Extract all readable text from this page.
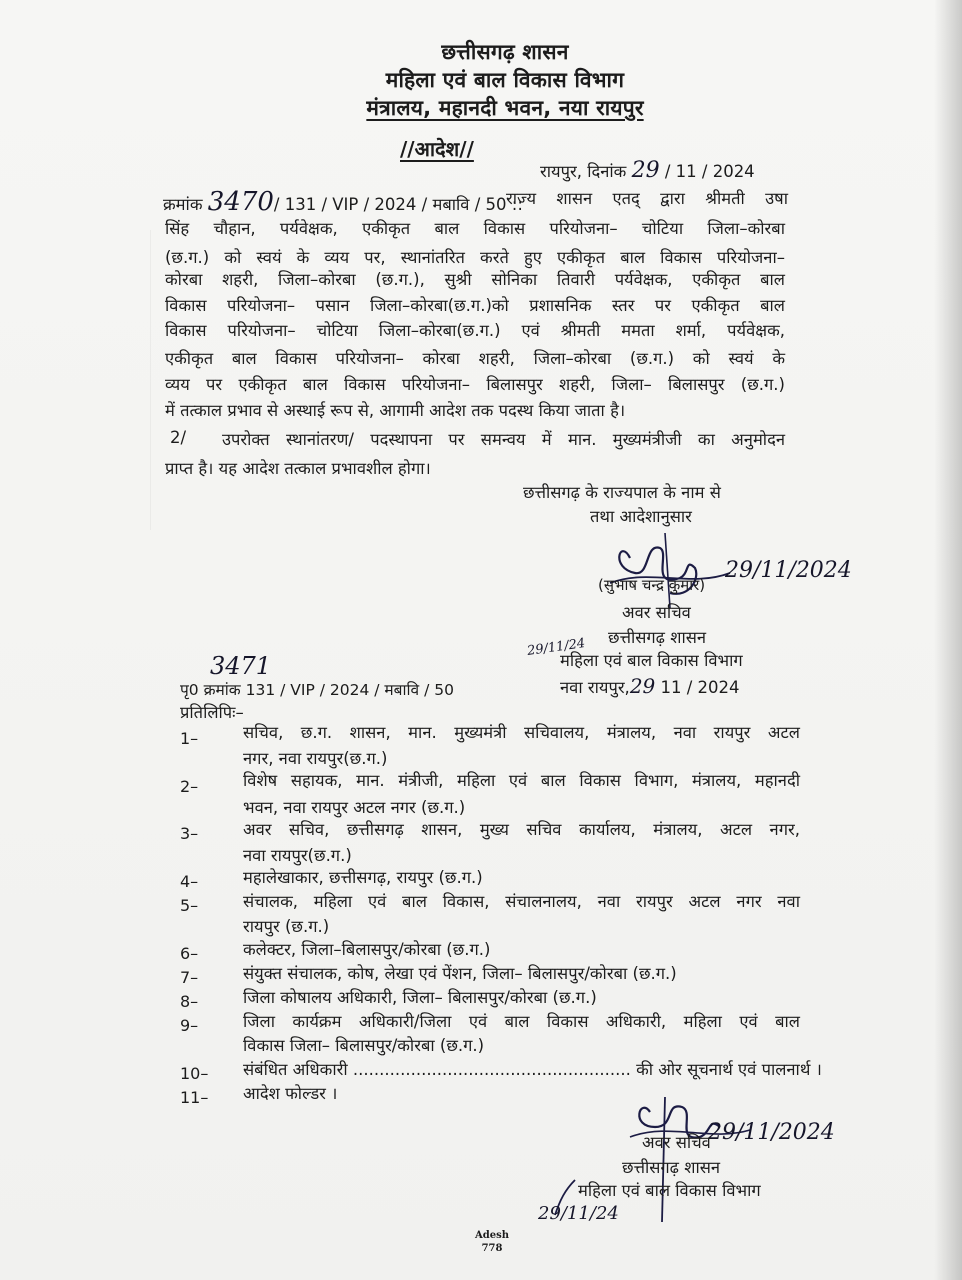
छत्तीसगढ़ शासन
महिला एवं बाल विकास विभाग
मंत्रालय, महानदी भवन, नया रायपुर
//आदेश//
रायपुर, दिनांक 29 / 11 / 2024
क्रमांक 3470/ 131 / VIP / 2024 / मबावि / 50 ::
राज्य शासन एतद् द्वारा श्रीमती उषा
सिंह चौहान, पर्यवेक्षक, एकीकृत बाल विकास परियोजना– चोटिया जिला–कोरबा
(छ.ग.) को स्वयं के व्यय पर, स्थानांतरित करते हुए एकीकृत बाल विकास परियोजना–
कोरबा शहरी, जिला–कोरबा (छ.ग.), सुश्री सोनिका तिवारी पर्यवेक्षक, एकीकृत बाल
विकास परियोजना– पसान जिला–कोरबा(छ.ग.)को प्रशासनिक स्तर पर एकीकृत बाल
विकास परियोजना– चोटिया जिला–कोरबा(छ.ग.) एवं श्रीमती ममता शर्मा, पर्यवेक्षक,
एकीकृत बाल विकास परियोजना– कोरबा शहरी, जिला–कोरबा (छ.ग.) को स्वयं के
व्यय पर एकीकृत बाल विकास परियोजना– बिलासपुर शहरी, जिला– बिलासपुर (छ.ग.)
में तत्काल प्रभाव से अस्थाई रूप से, आगामी आदेश तक पदस्थ किया जाता है।
2/ उपरोक्त स्थानांतरण/ पदस्थापना पर समन्वय में मान. मुख्यमंत्रीजी का अनुमोदन
प्राप्त है। यह आदेश तत्काल प्रभावशील होगा।
छत्तीसगढ़ के राज्यपाल के नाम से
तथा आदेशानुसार
(सुभाष चन्द्र कुमार)
29/11/2024
अवर सचिव
छत्तीसगढ़ शासन
महिला एवं बाल विकास विभाग
3471
पृ0 क्रमांक 131 / VIP / 2024 / मबावि / 50
29/11/24
नवा रायपुर,29 11 / 2024
प्रतिलिपिः–
1–	सचिव, छ.ग. शासन, मान. मुख्यमंत्री सचिवालय, मंत्रालय, नवा रायपुर अटल
नगर, नवा रायपुर(छ.ग.)
2–	विशेष सहायक, मान. मंत्रीजी, महिला एवं बाल विकास विभाग, मंत्रालय, महानदी
भवन, नवा रायपुर अटल नगर (छ.ग.)
3–	अवर सचिव, छत्तीसगढ़ शासन, मुख्य सचिव कार्यालय, मंत्रालय, अटल नगर,
नवा रायपुर(छ.ग.)
4–	महालेखाकार, छत्तीसगढ़, रायपुर (छ.ग.)
5–	संचालक, महिला एवं बाल विकास, संचालनालय, नवा रायपुर अटल नगर नवा
रायपुर (छ.ग.)
6–	कलेक्टर, जिला–बिलासपुर/कोरबा (छ.ग.)
7–	संयुक्त संचालक, कोष, लेखा एवं पेंशन, जिला– बिलासपुर/कोरबा (छ.ग.)
8–	जिला कोषालय अधिकारी, जिला– बिलासपुर/कोरबा (छ.ग.)
9–	जिला कार्यक्रम अधिकारी/जिला एवं बाल विकास अधिकारी, महिला एवं बाल
विकास जिला– बिलासपुर/कोरबा (छ.ग.)
10– संबंधित अधिकारी ..................................................... की ओर सूचनार्थ एवं पालनार्थ ।
11– आदेश फोल्डर ।
29/11/2024
अवर सचिव
छत्तीसगढ़ शासन
महिला एवं बाल विकास विभाग
29/11/24
Adesh
778
